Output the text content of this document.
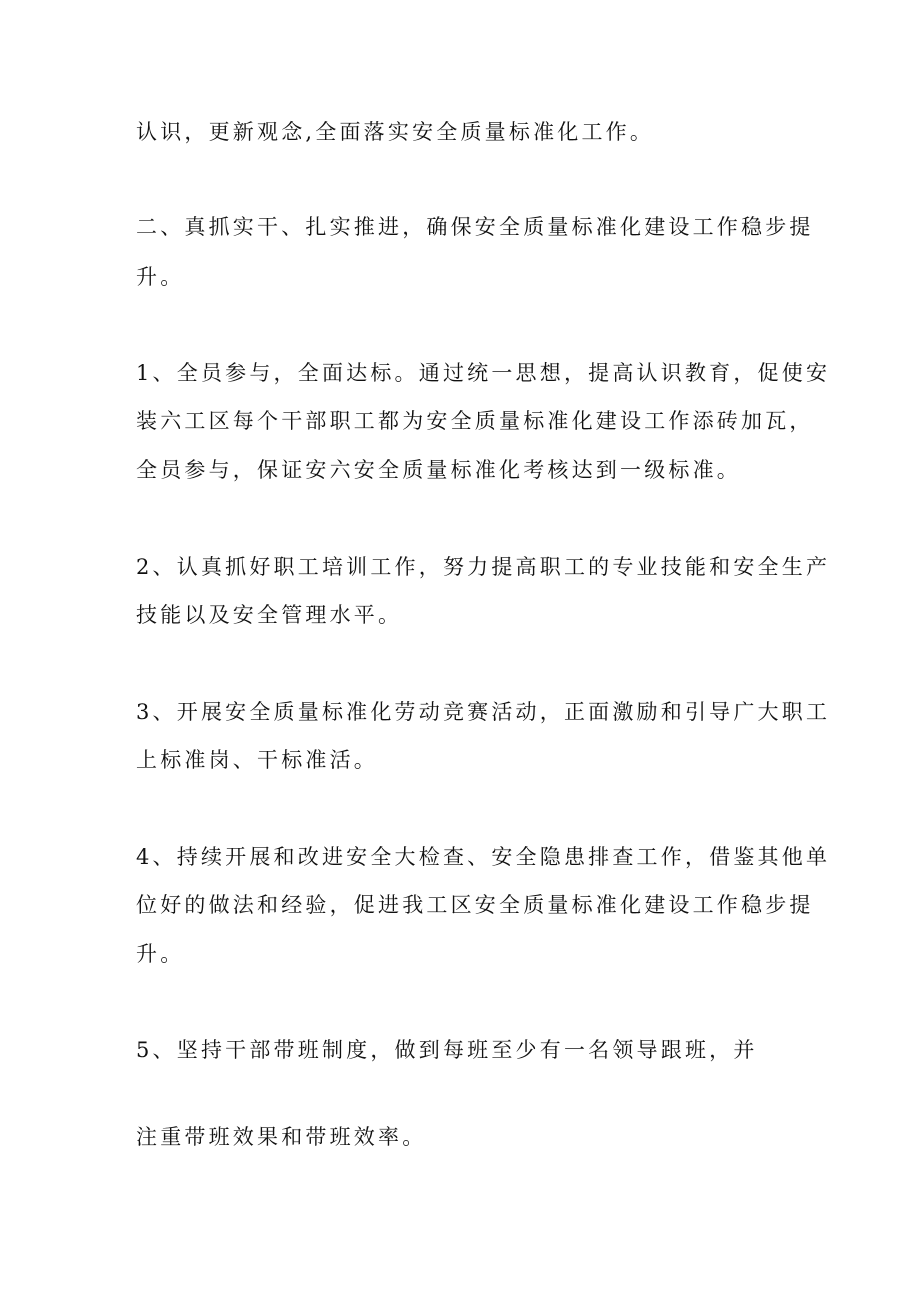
认识，更新观念,全面落实安全质量标准化工作。
二、真抓实干、扎实推进，确保安全质量标准化建设工作稳步提
升。
1、全员参与，全面达标。通过统一思想，提高认识教育，促使安
装六工区每个干部职工都为安全质量标准化建设工作添砖加瓦，
全员参与，保证安六安全质量标准化考核达到一级标准。
2、认真抓好职工培训工作，努力提高职工的专业技能和安全生产
技能以及安全管理水平。
3、开展安全质量标准化劳动竞赛活动，正面激励和引导广大职工
上标准岗、干标准活。
4、持续开展和改进安全大检查、安全隐患排查工作，借鉴其他单
位好的做法和经验，促进我工区安全质量标准化建设工作稳步提
升。
5、坚持干部带班制度，做到每班至少有一名领导跟班，并
注重带班效果和带班效率。
